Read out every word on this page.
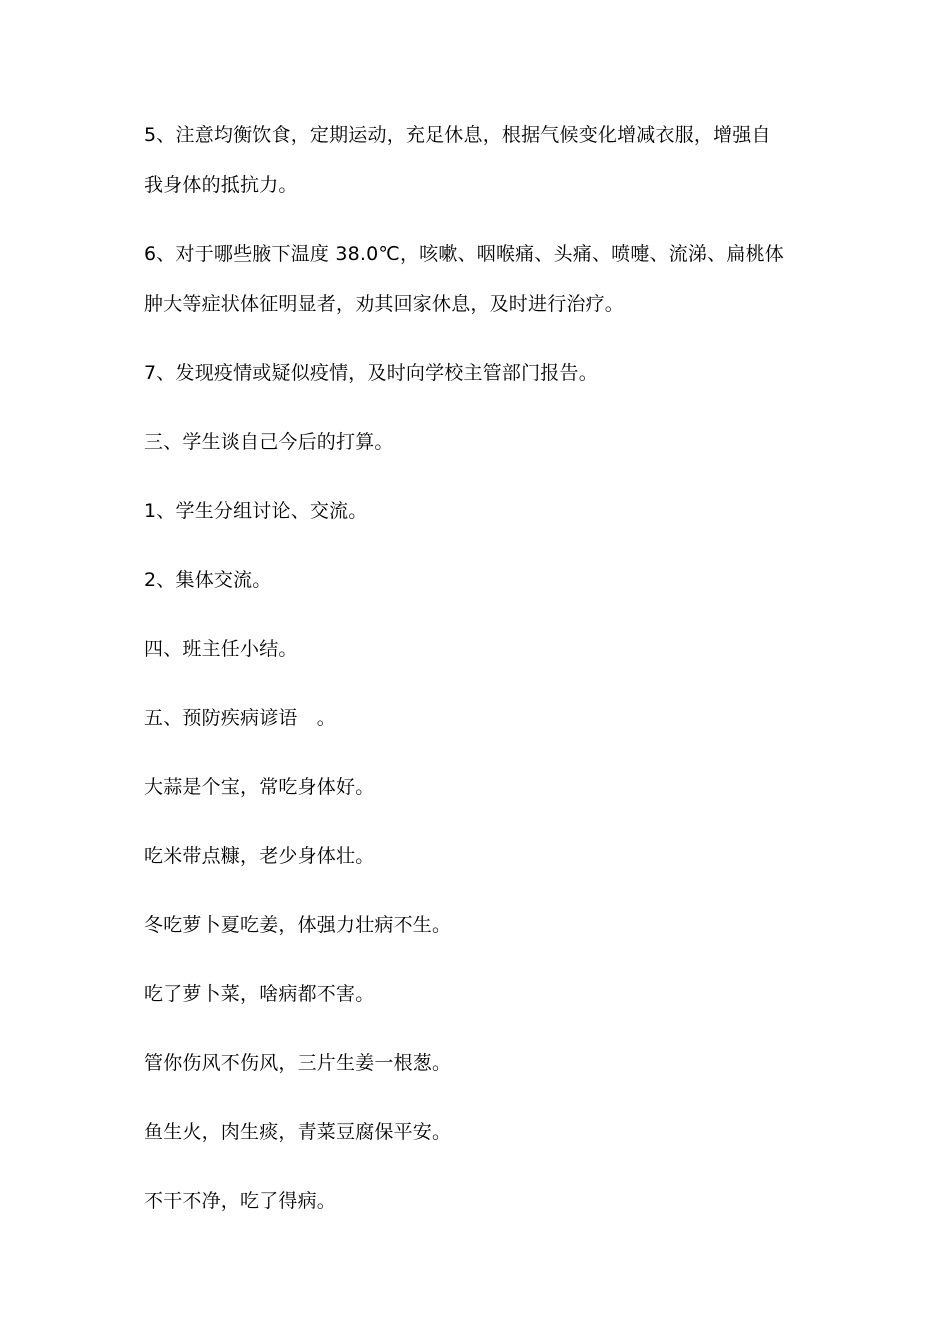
5、注意均衡饮食，定期运动，充足休息，根据气候变化增减衣服，增强自
我身体的抵抗力。
6、对于哪些腋下温度 38.0℃，咳嗽、咽喉痛、头痛、喷嚏、流涕、扁桃体
肿大等症状体征明显者，劝其回家休息，及时进行治疗。
7、发现疫情或疑似疫情，及时向学校主管部门报告。
三、学生谈自己今后的打算。
1、学生分组讨论、交流。
2、集体交流。
四、班主任小结。
五、预防疾病谚语　。
大蒜是个宝，常吃身体好。
吃米带点糠，老少身体壮。
冬吃萝卜夏吃姜，体强力壮病不生。
吃了萝卜菜，啥病都不害。
管你伤风不伤风，三片生姜一根葱。
鱼生火，肉生痰，青菜豆腐保平安。
不干不净，吃了得病。
